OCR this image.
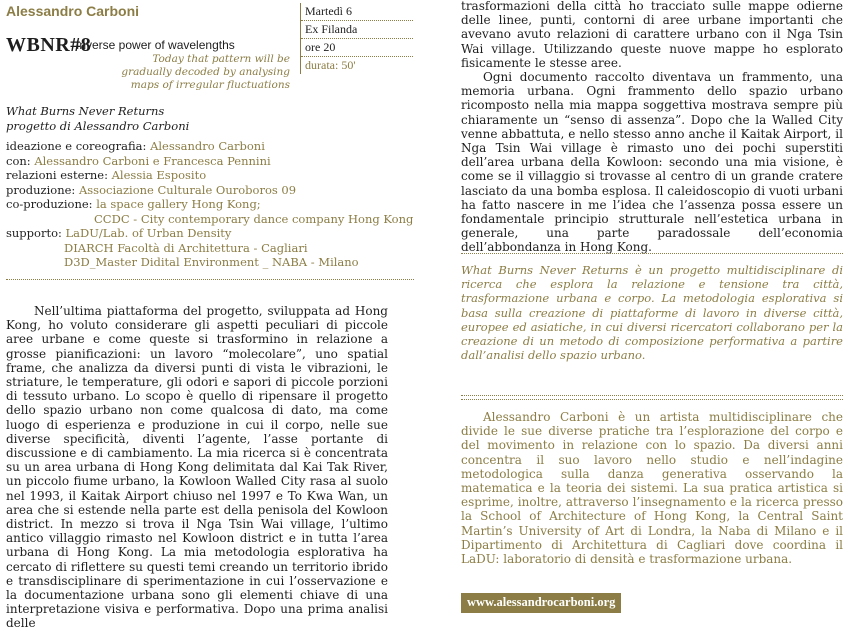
Alessandro Carboni
WBNR#8
Inverse power of wavelengths
Today that pattern will be gradually decoded by analysing maps of irregular fluctuations
Martedì 6
Ex Filanda
ore 20
durata: 50'
What Burns Never Returns
progetto di Alessandro Carboni
ideazione e coreografia: Alessandro Carboni
con: Alessandro Carboni e Francesca Pennini
relazioni esterne: Alessia Esposito
produzione: Associazione Culturale Ouroboros 09
co-produzione: la space gallery Hong Kong;
CCDC - City contemporary dance company Hong Kong
supporto: LaDU/Lab. of Urban Density
DIARCH Facoltà di Architettura - Cagliari
D3D_Master Didital Environment _ NABA - Milano

Nell’ultima piattaforma del progetto, sviluppata ad Hong Kong, ho voluto considerare gli aspetti peculiari di piccole aree urbane e come queste si trasformino in relazione a grosse pianificazioni: un lavoro “molecolare”, uno spatial frame, che analizza da diversi punti di vista le vibrazioni, le striature, le temperature, gli odori e sapori di piccole porzioni di tessuto urbano. Lo scopo è quello di ripensare il progetto dello spazio urbano non come qualcosa di dato, ma come luogo di esperienza e produzione in cui il corpo, nelle sue diverse specificità, diventi l’agente, l’asse portante di discussione e di cambiamento. La mia ricerca si è concentrata su un area urbana di Hong Kong delimitata dal Kai Tak River, un piccolo fiume urbano, la Kowloon Walled City rasa al suolo nel 1993, il Kaitak Airport chiuso nel 1997 e To Kwa Wan, un area che si estende nella parte est della penisola del Kowloon district. In mezzo si trova il Nga Tsin Wai village, l’ultimo antico villaggio rimasto nel Kowloon district e in tutta l’area urbana di Hong Kong. La mia metodologia esplorativa ha cercato di riflettere su questi temi creando un territorio ibrido e transdisciplinare di sperimentazione in cui l’osservazione e la documentazione urbana sono gli elementi chiave di una interpretazione visiva e performativa. Dopo una prima analisi delle

trasformazioni della città ho tracciato sulle mappe odierne delle linee, punti, contorni di aree urbane importanti che avevano avuto relazioni di carattere urbano con il Nga Tsin Wai village. Utilizzando queste nuove mappe ho esplorato fisicamente le stesse aree.

Ogni documento raccolto diventava un frammento, una memoria urbana. Ogni frammento dello spazio urbano ricomposto nella mia mappa soggettiva mostrava sempre più chiaramente un “senso di assenza”. Dopo che la Walled City venne abbattuta, e nello stesso anno anche il Kaitak Airport, il Nga Tsin Wai village è rimasto uno dei pochi superstiti dell’area urbana della Kowloon: secondo una mia visione, è come se il villaggio si trovasse al centro di un grande cratere lasciato da una bomba esplosa. Il caleidoscopio di vuoti urbani ha fatto nascere in me l’idea che l’assenza possa essere un fondamentale principio strutturale nell’estetica urbana in generale, una parte paradossale dell’economia dell’abbondanza in Hong Kong.

What Burns Never Returns è un progetto multidisciplinare di ricerca che esplora la relazione e tensione tra città, trasformazione urbana e corpo. La metodologia esplorativa si basa sulla creazione di piattaforme di lavoro in diverse città, europee ed asiatiche, in cui diversi ricercatori collaborano per la creazione di un metodo di composizione performativa a partire dall’analisi dello spazio urbano.
Alessandro Carboni è un artista multidisciplinare che divide le sue diverse pratiche tra l’esplorazione del corpo e del movimento in relazione con lo spazio. Da diversi anni concentra il suo lavoro nello studio e nell’indagine metodologica sulla danza generativa osservando la matematica e la teoria dei sistemi. La sua pratica artistica si esprime, inoltre, attraverso l’insegnamento e la ricerca presso la School of Architecture of Hong Kong, la Central Saint Martin’s University of Art di Londra, la Naba di Milano e il Dipartimento di Architettura di Cagliari dove coordina il LaDU: laboratorio di densità e trasformazione urbana.
www.alessandrocarboni.org
